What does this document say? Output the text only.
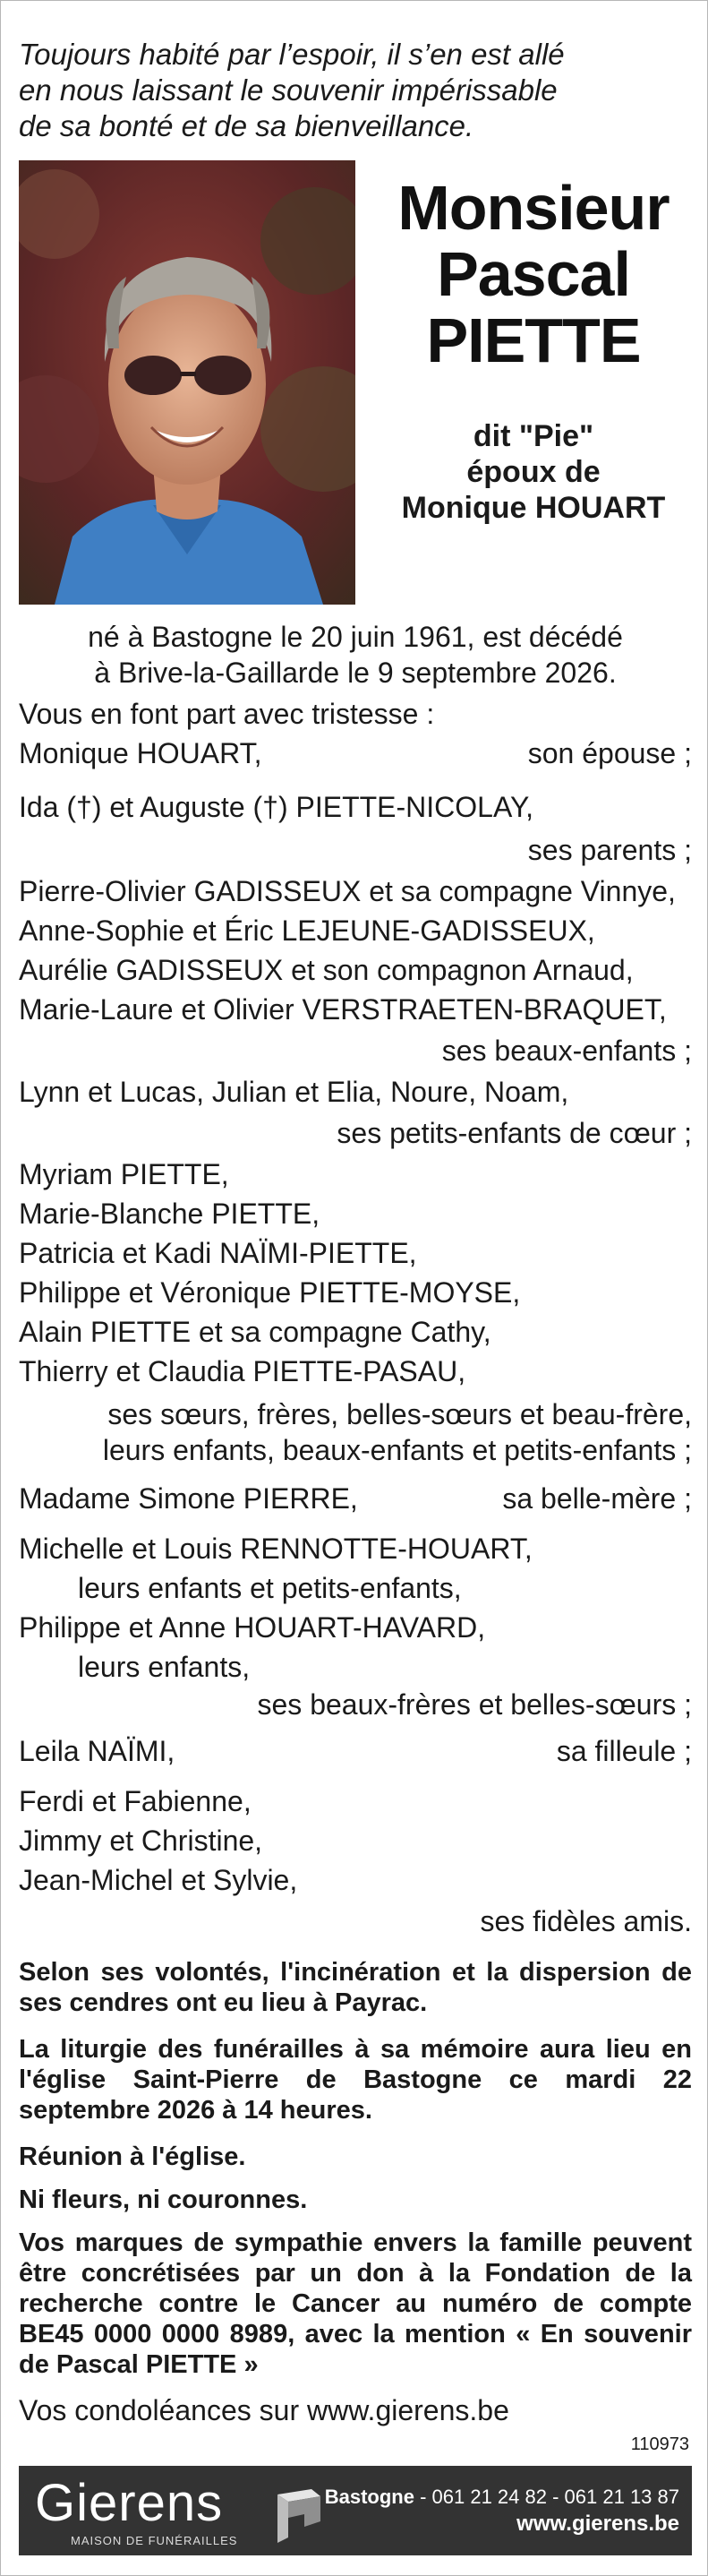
Toujours habité par l’espoir, il s’en est allé
en nous laissant le souvenir impérissable
de sa bonté et de sa bienveillance.
Monsieur
Pascal
PIETTE
dit "Pie"
époux de
Monique HOUART
né à Bastogne le 20 juin 1961, est décédé
à Brive-la-Gaillarde le 9 septembre 2026.
Vous en font part avec tristesse :
Monique HOUART,	son épouse ;
Ida (†) et Auguste (†) PIETTE-NICOLAY,
ses parents ;
Pierre-Olivier GADISSEUX et sa compagne Vinnye,
Anne-Sophie et Éric LEJEUNE-GADISSEUX,
Aurélie GADISSEUX et son compagnon Arnaud,
Marie-Laure et Olivier VERSTRAETEN-BRAQUET,
ses beaux-enfants ;
Lynn et Lucas, Julian et Elia, Noure, Noam,
ses petits-enfants de cœur ;
Myriam PIETTE,
Marie-Blanche PIETTE,
Patricia et Kadi NAÏMI-PIETTE,
Philippe et Véronique PIETTE-MOYSE,
Alain PIETTE et sa compagne Cathy,
Thierry et Claudia PIETTE-PASAU,
ses sœurs, frères, belles-sœurs et beau-frère,
leurs enfants, beaux-enfants et petits-enfants ;
Madame Simone PIERRE,	sa belle-mère ;
Michelle et Louis RENNOTTE-HOUART,
leurs enfants et petits-enfants,
Philippe et Anne HOUART-HAVARD,
leurs enfants,
ses beaux-frères et belles-sœurs ;
Leila NAÏMI,	sa filleule ;
Ferdi et Fabienne,
Jimmy et Christine,
Jean-Michel et Sylvie,
ses fidèles amis.
Selon ses volontés, l'incinération et la dispersion de ses cendres ont eu lieu à Payrac.
La liturgie des funérailles à sa mémoire aura lieu en l'église Saint-Pierre de Bastogne ce mardi 22 septembre 2026 à 14 heures.
Réunion à l'église.
Ni fleurs, ni couronnes.
Vos marques de sympathie envers la famille peuvent être concrétisées par un don à la Fondation de la recherche contre le Cancer au numéro de compte BE45 0000 0000 8989, avec la mention « En souvenir de Pascal PIETTE »
Vos condoléances sur www.gierens.be
110973
Gierens
MAISON DE FUNÉRAILLES
Bastogne - 061 21 24 82 - 061 21 13 87
www.gierens.be
